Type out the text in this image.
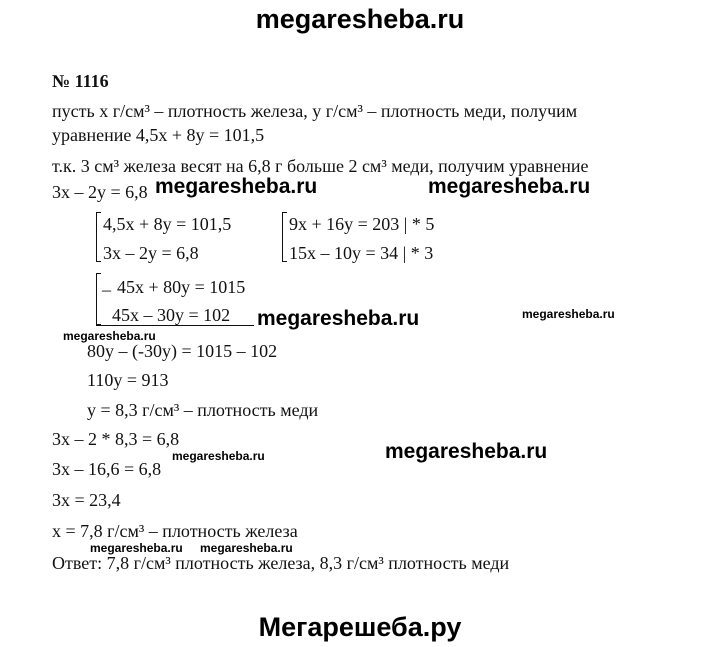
megaresheba.ru
Мегарешеба.ру
megaresheba.ru	megaresheba.ru
megaresheba.ru
megaresheba.ru
megaresheba.ru
megaresheba.ru
megaresheba.ru
megaresheba.ru megaresheba.ru
№ 1116
пусть x г/см³ – плотность железа, у г/см³ – плотность меди, получим
уравнение 4,5x + 8y = 101,5
т.к. 3 см³ железа весят на 6,8 г больше 2 см³ меди, получим уравнение
3x – 2y = 6,8
4,5x + 8y = 101,5
3x – 2y = 6,8
9x + 16y = 203 | * 5
15x – 10y = 34 | * 3
_ 45x + 80y = 1015
45x – 30y = 102
80y – (-30y) = 1015 – 102
110y = 913
y = 8,3 г/см³ – плотность меди
3x – 2 * 8,3 = 6,8
3x – 16,6 = 6,8
3x = 23,4
x = 7,8 г/см³ – плотность железа
Ответ: 7,8 г/см³ плотность железа, 8,3 г/см³ плотность меди
